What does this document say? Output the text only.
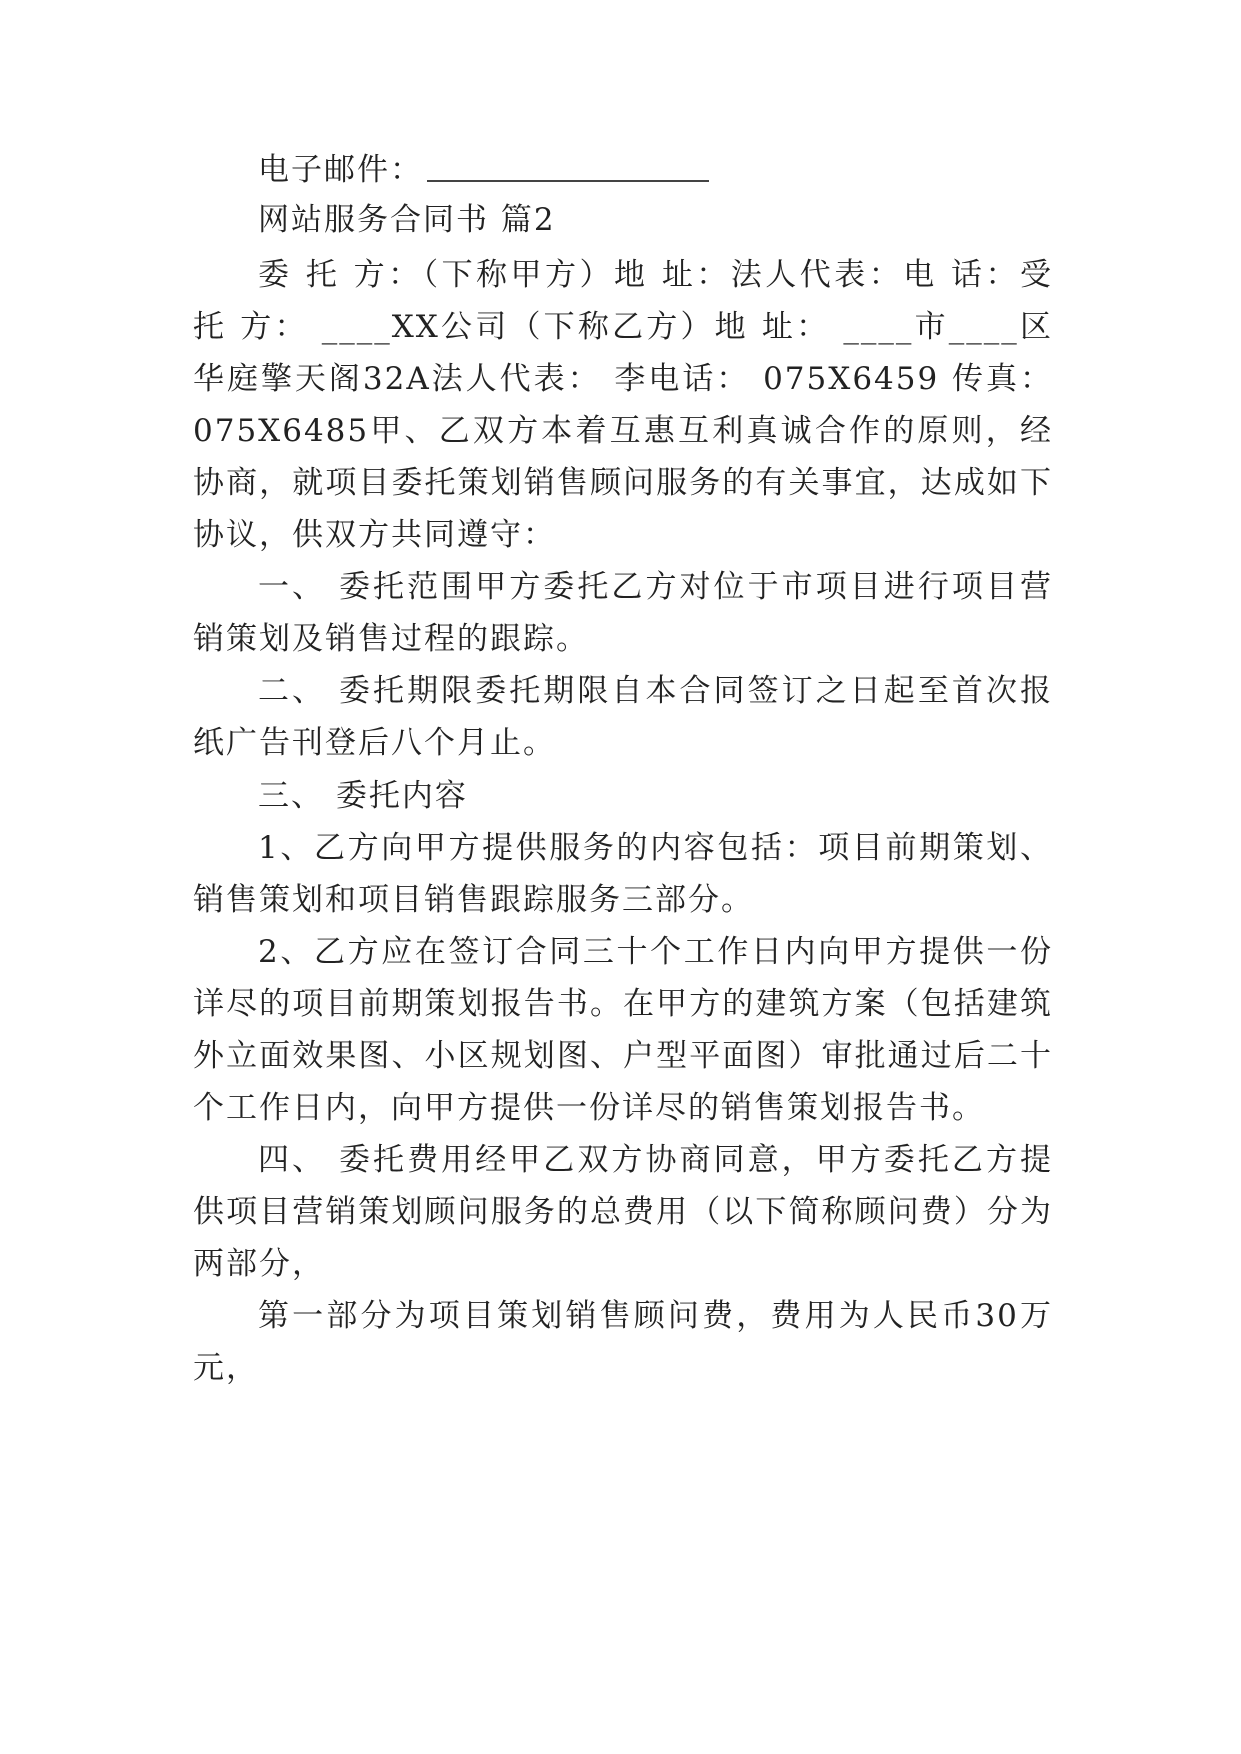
电子邮件：

网站服务合同书 篇2

委 托 方：（下称甲方）地 址：法人代表：电 话：受

托 方： ____XX公司（下称乙方）地 址： ____市____区

华庭擎天阁32A法人代表： 李电话： 075X6459 传真：

075X6485甲、乙双方本着互惠互利真诚合作的原则，经

协商，就项目委托策划销售顾问服务的有关事宜，达成如下

协议，供双方共同遵守：

一、 委托范围甲方委托乙方对位于市项目进行项目营

销策划及销售过程的跟踪。

二、 委托期限委托期限自本合同签订之日起至首次报

纸广告刊登后八个月止。

三、 委托内容

1、乙方向甲方提供服务的内容包括：项目前期策划、

销售策划和项目销售跟踪服务三部分。

2、乙方应在签订合同三十个工作日内向甲方提供一份

详尽的项目前期策划报告书。在甲方的建筑方案（包括建筑

外立面效果图、小区规划图、户型平面图）审批通过后二十

个工作日内，向甲方提供一份详尽的销售策划报告书。

四、 委托费用经甲乙双方协商同意，甲方委托乙方提

供项目营销策划顾问服务的总费用（以下简称顾问费）分为

两部分，

第一部分为项目策划销售顾问费，费用为人民币30万

元，
